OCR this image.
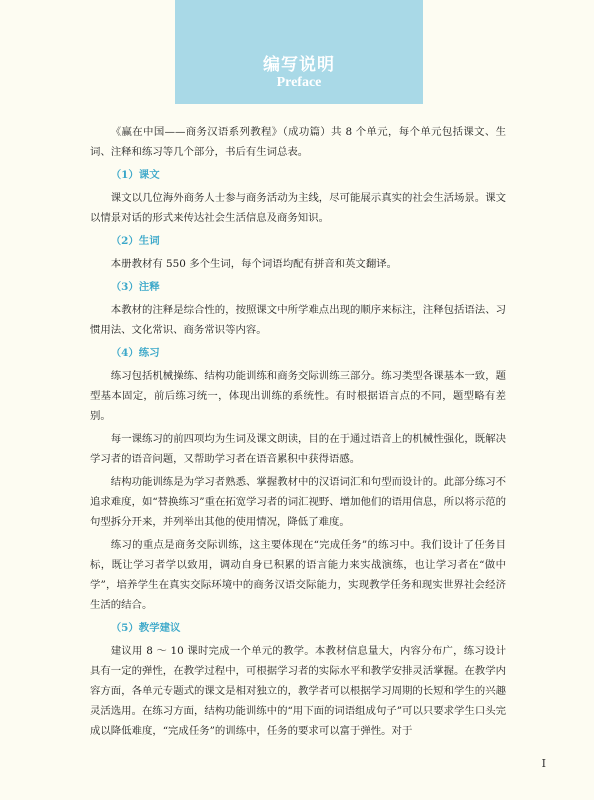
编写说明
Preface

《赢在中国——商务汉语系列教程》（成功篇）共 8 个单元，每个单元包括课文、生词、注释和练习等几个部分，书后有生词总表。

（1）课文

课文以几位海外商务人士参与商务活动为主线，尽可能展示真实的社会生活场景。课文以情景对话的形式来传达社会生活信息及商务知识。

（2）生词

本册教材有 550 多个生词，每个词语均配有拼音和英文翻译。

（3）注释

本教材的注释是综合性的，按照课文中所学难点出现的顺序来标注，注释包括语法、习惯用法、文化常识、商务常识等内容。

（4）练习

练习包括机械操练、结构功能训练和商务交际训练三部分。练习类型各课基本一致，题型基本固定，前后练习统一，体现出训练的系统性。有时根据语言点的不同，题型略有差别。

每一课练习的前四项均为生词及课文朗读，目的在于通过语音上的机械性强化，既解决学习者的语音问题，又帮助学习者在语音累积中获得语感。

结构功能训练是为学习者熟悉、掌握教材中的汉语词汇和句型而设计的。此部分练习不追求难度，如“替换练习”重在拓宽学习者的词汇视野、增加他们的语用信息，所以将示范的句型拆分开来，并列举出其他的使用情况，降低了难度。

练习的重点是商务交际训练，这主要体现在“完成任务”的练习中。我们设计了任务目标，既让学习者学以致用，调动自身已积累的语言能力来实战演练，也让学习者在“做中学”，培养学生在真实交际环境中的商务汉语交际能力，实现教学任务和现实世界社会经济生活的结合。

（5）教学建议

建议用 8 ～ 10 课时完成一个单元的教学。本教材信息量大，内容分布广，练习设计具有一定的弹性，在教学过程中，可根据学习者的实际水平和教学安排灵活掌握。在教学内容方面，各单元专题式的课文是相对独立的，教学者可以根据学习周期的长短和学生的兴趣灵活选用。在练习方面，结构功能训练中的“用下面的词语组成句子”可以只要求学生口头完成以降低难度，“完成任务”的训练中，任务的要求可以富于弹性。对于

I
